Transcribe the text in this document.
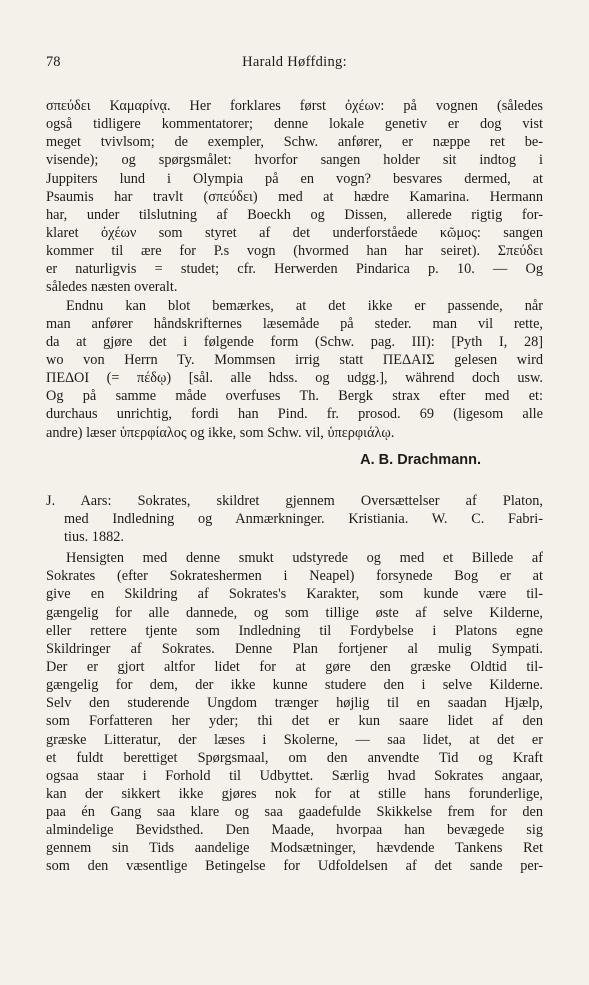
78	Harald Høffding:
σπεύδει Καμαρίνᾳ. Her forklares først ὀχέων: på vognen (således
også tidligere kommentatorer; denne lokale genetiv er dog vist
meget tvivlsom; de exempler, Schw. anfører, er næppe ret be-
visende); og spørgsmålet: hvorfor sangen holder sit indtog i
Juppiters lund i Olympia på en vogn? besvares dermed, at
Psaumis har travlt (σπεύδει) med at hædre Kamarina. Hermann
har, under tilslutning af Boeckh og Dissen, allerede rigtig for-
klaret ὀχέων som styret af det underforståede κῶμος: sangen
kommer til ære for P.s vogn (hvormed han har seiret). Σπεύδει
er naturligvis = studet; cfr. Herwerden Pindarica p. 10. — Og
således næsten overalt.
Endnu kan blot bemærkes, at det ikke er passende, når
man anfører håndskrifternes læsemåde på steder. man vil rette,
da at gjøre det i følgende form (Schw. pag. III): [Pyth I, 28]
wo von Herrn Ty. Mommsen irrig statt ΠΕΔΑΙΣ gelesen wird
ΠΕΔΟΙ (= πέδῳ) [sål. alle hdss. og udgg.], während doch usw.
Og på samme måde overfuses Th. Bergk strax efter med et:
durchaus unrichtig, fordi han Pind. fr. prosod. 69 (ligesom alle
andre) læser ὑπερφίαλος og ikke, som Schw. vil, ὑπερφιάλῳ.
A. B. Drachmann.
J. Aars: Sokrates, skildret gjennem Oversættelser af Platon,
med Indledning og Anmærkninger. Kristiania. W. C. Fabri-
tius. 1882.
Hensigten med denne smukt udstyrede og med et Billede af
Sokrates (efter Sokrateshermen i Neapel) forsynede Bog er at
give en Skildring af Sokrates's Karakter, som kunde være til-
gængelig for alle dannede, og som tillige øste af selve Kilderne,
eller rettere tjente som Indledning til Fordybelse i Platons egne
Skildringer af Sokrates. Denne Plan fortjener al mulig Sympati.
Der er gjort altfor lidet for at gøre den græske Oldtid til-
gængelig for dem, der ikke kunne studere den i selve Kilderne.
Selv den studerende Ungdom trænger højlig til en saadan Hjælp,
som Forfatteren her yder; thi det er kun saare lidet af den
græske Litteratur, der læses i Skolerne, — saa lidet, at det er
et fuldt berettiget Spørgsmaal, om den anvendte Tid og Kraft
ogsaa staar i Forhold til Udbyttet. Særlig hvad Sokrates angaar,
kan der sikkert ikke gjøres nok for at stille hans forunderlige,
paa én Gang saa klare og saa gaadefulde Skikkelse frem for den
almindelige Bevidsthed. Den Maade, hvorpaa han bevægede sig
gennem sin Tids aandelige Modsætninger, hævdende Tankens Ret
som den væsentlige Betingelse for Udfoldelsen af det sande per-
